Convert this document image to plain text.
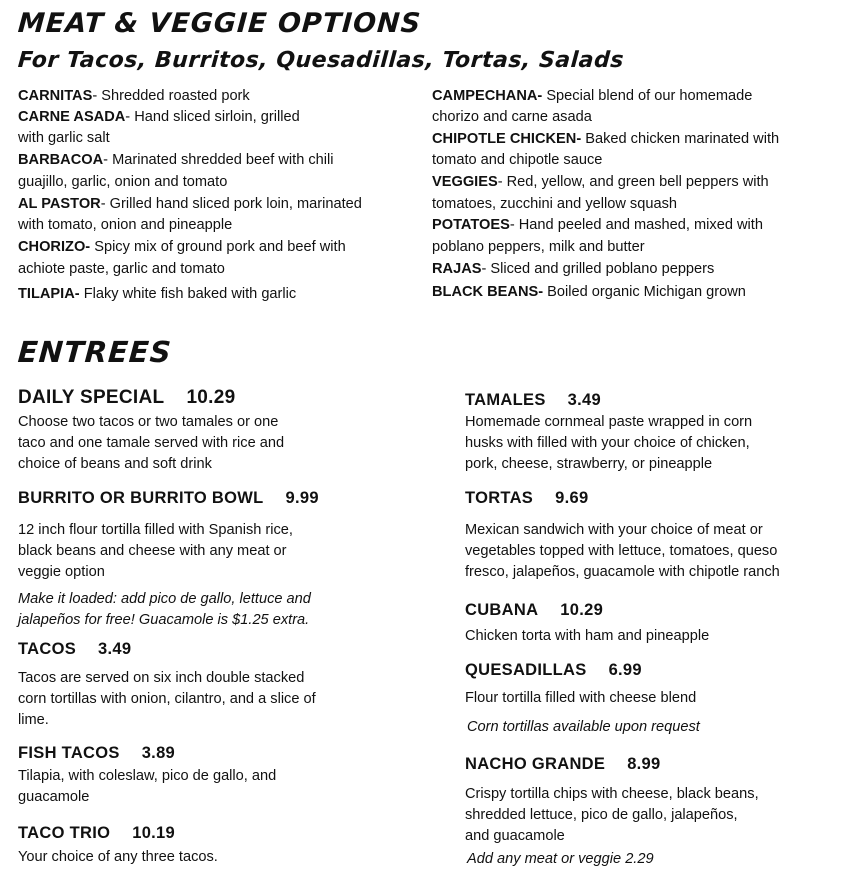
MEAT & VEGGIE OPTIONS
For Tacos, Burritos, Quesadillas, Tortas, Salads
ENTREES
CARNITAS- Shredded roasted pork
CARNE ASADA- Hand sliced sirloin, grilled
with garlic salt
BARBACOA- Marinated shredded beef with chili
guajillo, garlic, onion and tomato
AL PASTOR- Grilled hand sliced pork loin, marinated
with tomato, onion and pineapple
CHORIZO- Spicy mix of ground pork and beef with
achiote paste, garlic and tomato
TILAPIA- Flaky white fish baked with garlic
CAMPECHANA- Special blend of our homemade
chorizo and carne asada
CHIPOTLE CHICKEN- Baked chicken marinated with
tomato and chipotle sauce
VEGGIES- Red, yellow, and green bell peppers with
tomatoes, zucchini and yellow squash
POTATOES- Hand peeled and mashed, mixed with
poblano peppers, milk and butter
RAJAS- Sliced and grilled poblano peppers
BLACK BEANS- Boiled organic Michigan grown
DAILY SPECIAL 10.29
Choose two tacos or two tamales or one
taco and one tamale served with rice and
choice of beans and soft drink
BURRITO OR BURRITO BOWL 9.99
12 inch flour tortilla filled with Spanish rice,
black beans and cheese with any meat or
veggie option
Make it loaded: add pico de gallo, lettuce and
jalapeños for free! Guacamole is $1.25 extra.
TACOS 3.49
Tacos are served on six inch double stacked
corn tortillas with onion, cilantro, and a slice of
lime.
FISH TACOS 3.89
Tilapia, with coleslaw, pico de gallo, and
guacamole
TACO TRIO 10.19
Your choice of any three tacos.
TAMALES 3.49
Homemade cornmeal paste wrapped in corn
husks with filled with your choice of chicken,
pork, cheese, strawberry, or pineapple
TORTAS 9.69
Mexican sandwich with your choice of meat or
vegetables topped with lettuce, tomatoes, queso
fresco, jalapeños, guacamole with chipotle ranch
CUBANA 10.29
Chicken torta with ham and pineapple
QUESADILLAS 6.99
Flour tortilla filled with cheese blend
Corn tortillas available upon request
NACHO GRANDE 8.99
Crispy tortilla chips with cheese, black beans,
shredded lettuce, pico de gallo, jalapeños,
and guacamole
Add any meat or veggie 2.29
